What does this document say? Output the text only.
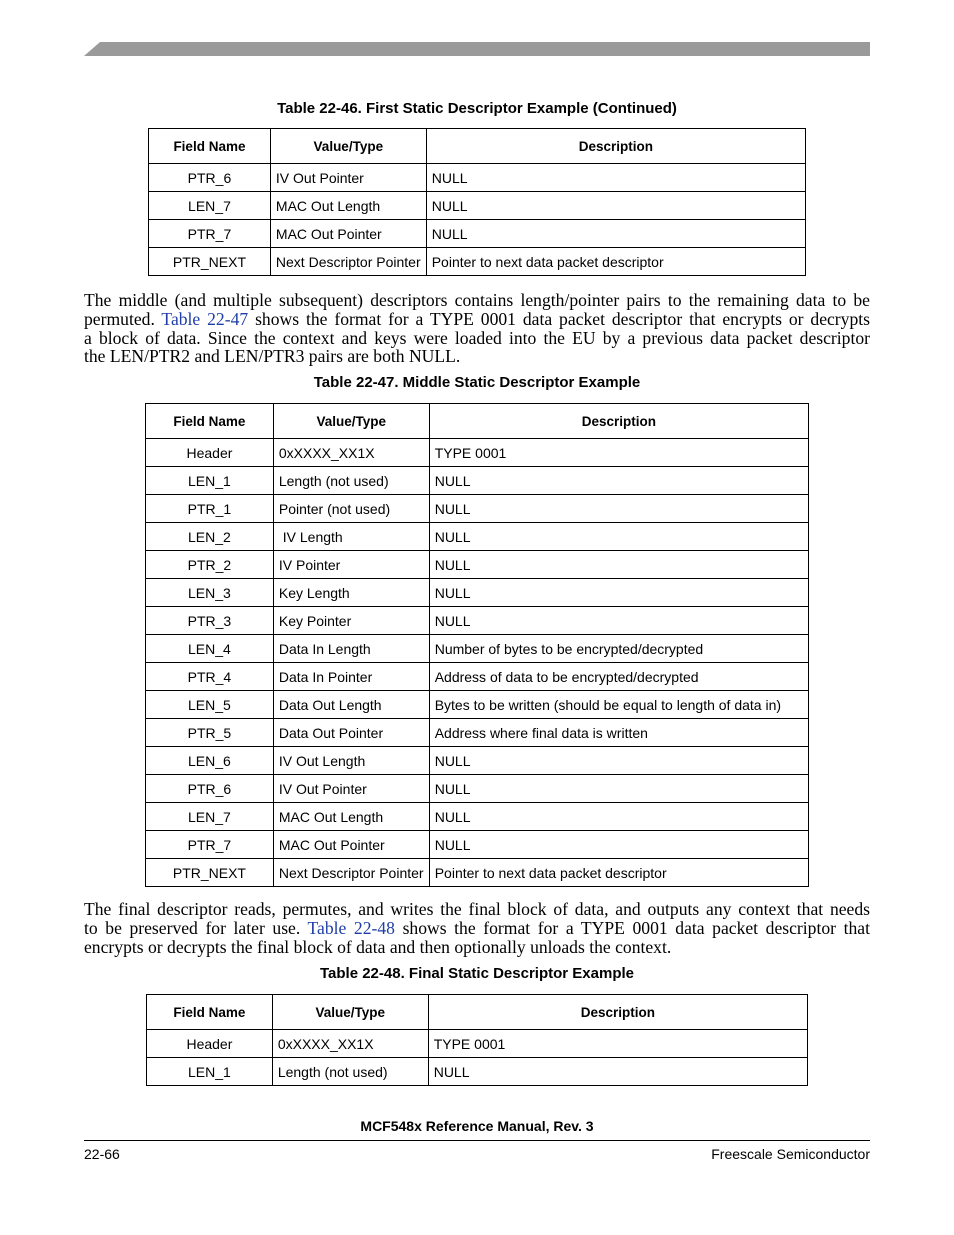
Table 22-46. First Static Descriptor Example (Continued)
Field Name	Value/Type	Description
PTR_6	IV Out Pointer	NULL
LEN_7	MAC Out Length	NULL
PTR_7	MAC Out Pointer	NULL
PTR_NEXT	Next Descriptor Pointer	Pointer to next data packet descriptor
The middle (and multiple subsequent) descriptors contains length/pointer pairs to the remaining data to be
permuted. Table 22-47 shows the format for a TYPE 0001 data packet descriptor that encrypts or decrypts
a block of data. Since the context and keys were loaded into the EU by a previous data packet descriptor
the LEN/PTR2 and LEN/PTR3 pairs are both NULL.
Table 22-47. Middle Static Descriptor Example
Field Name	Value/Type	Description
Header	0xXXXX_XX1X	TYPE 0001
LEN_1	Length (not used)	NULL
PTR_1	Pointer (not used)	NULL
LEN_2	IV Length	NULL
PTR_2	IV Pointer	NULL
LEN_3	Key Length	NULL
PTR_3	Key Pointer	NULL
LEN_4	Data In Length	Number of bytes to be encrypted/decrypted
PTR_4	Data In Pointer	Address of data to be encrypted/decrypted
LEN_5	Data Out Length	Bytes to be written (should be equal to length of data in)
PTR_5	Data Out Pointer	Address where final data is written
LEN_6	IV Out Length	NULL
PTR_6	IV Out Pointer	NULL
LEN_7	MAC Out Length	NULL
PTR_7	MAC Out Pointer	NULL
PTR_NEXT	Next Descriptor Pointer	Pointer to next data packet descriptor
The final descriptor reads, permutes, and writes the final block of data, and outputs any context that needs
to be preserved for later use. Table 22-48 shows the format for a TYPE 0001 data packet descriptor that
encrypts or decrypts the final block of data and then optionally unloads the context.
Table 22-48. Final Static Descriptor Example
Field Name	Value/Type	Description
Header	0xXXXX_XX1X	TYPE 0001
LEN_1	Length (not used)	NULL
MCF548x Reference Manual, Rev. 3
22-66	Freescale Semiconductor
